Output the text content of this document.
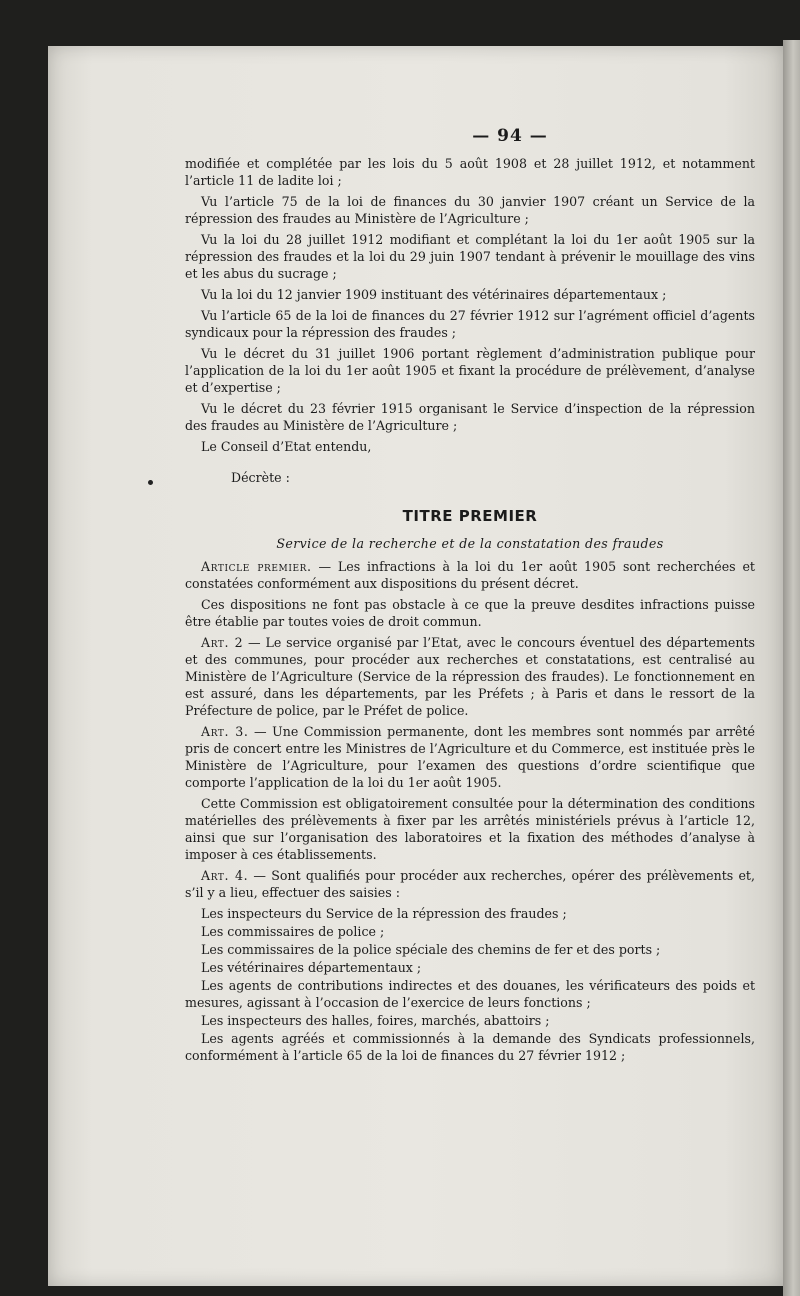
— 94 —

modifiée et complétée par les lois du 5 août 1908 et 28 juillet 1912, et notamment l’article 11 de ladite loi ;

Vu l’article 75 de la loi de finances du 30 janvier 1907 créant un Service de la répression des fraudes au Ministère de l’Agriculture ;

Vu la loi du 28 juillet 1912 modifiant et complétant la loi du 1er août 1905 sur la répression des fraudes et la loi du 29 juin 1907 tendant à prévenir le mouillage des vins et les abus du sucrage ;

Vu la loi du 12 janvier 1909 instituant des vétérinaires départementaux ;

Vu l’article 65 de la loi de finances du 27 février 1912 sur l’agrément officiel d’agents syndicaux pour la répression des fraudes ;

Vu le décret du 31 juillet 1906 portant règlement d’administration publique pour l’application de la loi du 1er août 1905 et fixant la procédure de prélèvement, d’analyse et d’expertise ;

Vu le décret du 23 février 1915 organisant le Service d’inspection de la répression des fraudes au Ministère de l’Agriculture ;

Le Conseil d’Etat entendu,

Décrète :

TITRE PREMIER
Service de la recherche et de la constatation des fraudes

Article premier. — Les infractions à la loi du 1er août 1905 sont recherchées et constatées conformément aux dispositions du présent décret.

Ces dispositions ne font pas obstacle à ce que la preuve desdites infractions puisse être établie par toutes voies de droit commun.

Art. 2 — Le service organisé par l’Etat, avec le concours éventuel des départements et des communes, pour procéder aux recherches et constatations, est centralisé au Ministère de l’Agriculture (Service de la répression des fraudes). Le fonctionnement en est assuré, dans les départements, par les Préfets ; à Paris et dans le ressort de la Préfecture de police, par le Préfet de police.

Art. 3. — Une Commission permanente, dont les membres sont nommés par arrêté pris de concert entre les Ministres de l’Agriculture et du Commerce, est instituée près le Ministère de l’Agriculture, pour l’examen des questions d’ordre scientifique que comporte l’application de la loi du 1er août 1905.

Cette Commission est obligatoirement consultée pour la détermination des conditions matérielles des prélèvements à fixer par les arrêtés ministériels prévus à l’article 12, ainsi que sur l’organisation des laboratoires et la fixation des méthodes d’analyse à imposer à ces établissements.

Art. 4. — Sont qualifiés pour procéder aux recherches, opérer des prélèvements et, s’il y a lieu, effectuer des saisies :

Les inspecteurs du Service de la répression des fraudes ;

Les commissaires de police ;

Les commissaires de la police spéciale des chemins de fer et des ports ;

Les vétérinaires départementaux ;

Les agents de contributions indirectes et des douanes, les vérificateurs des poids et mesures, agissant à l’occasion de l’exercice de leurs fonctions ;

Les inspecteurs des halles, foires, marchés, abattoirs ;

Les agents agréés et commissionnés à la demande des Syndicats professionnels, conformément à l’article 65 de la loi de finances du 27 février 1912 ;
